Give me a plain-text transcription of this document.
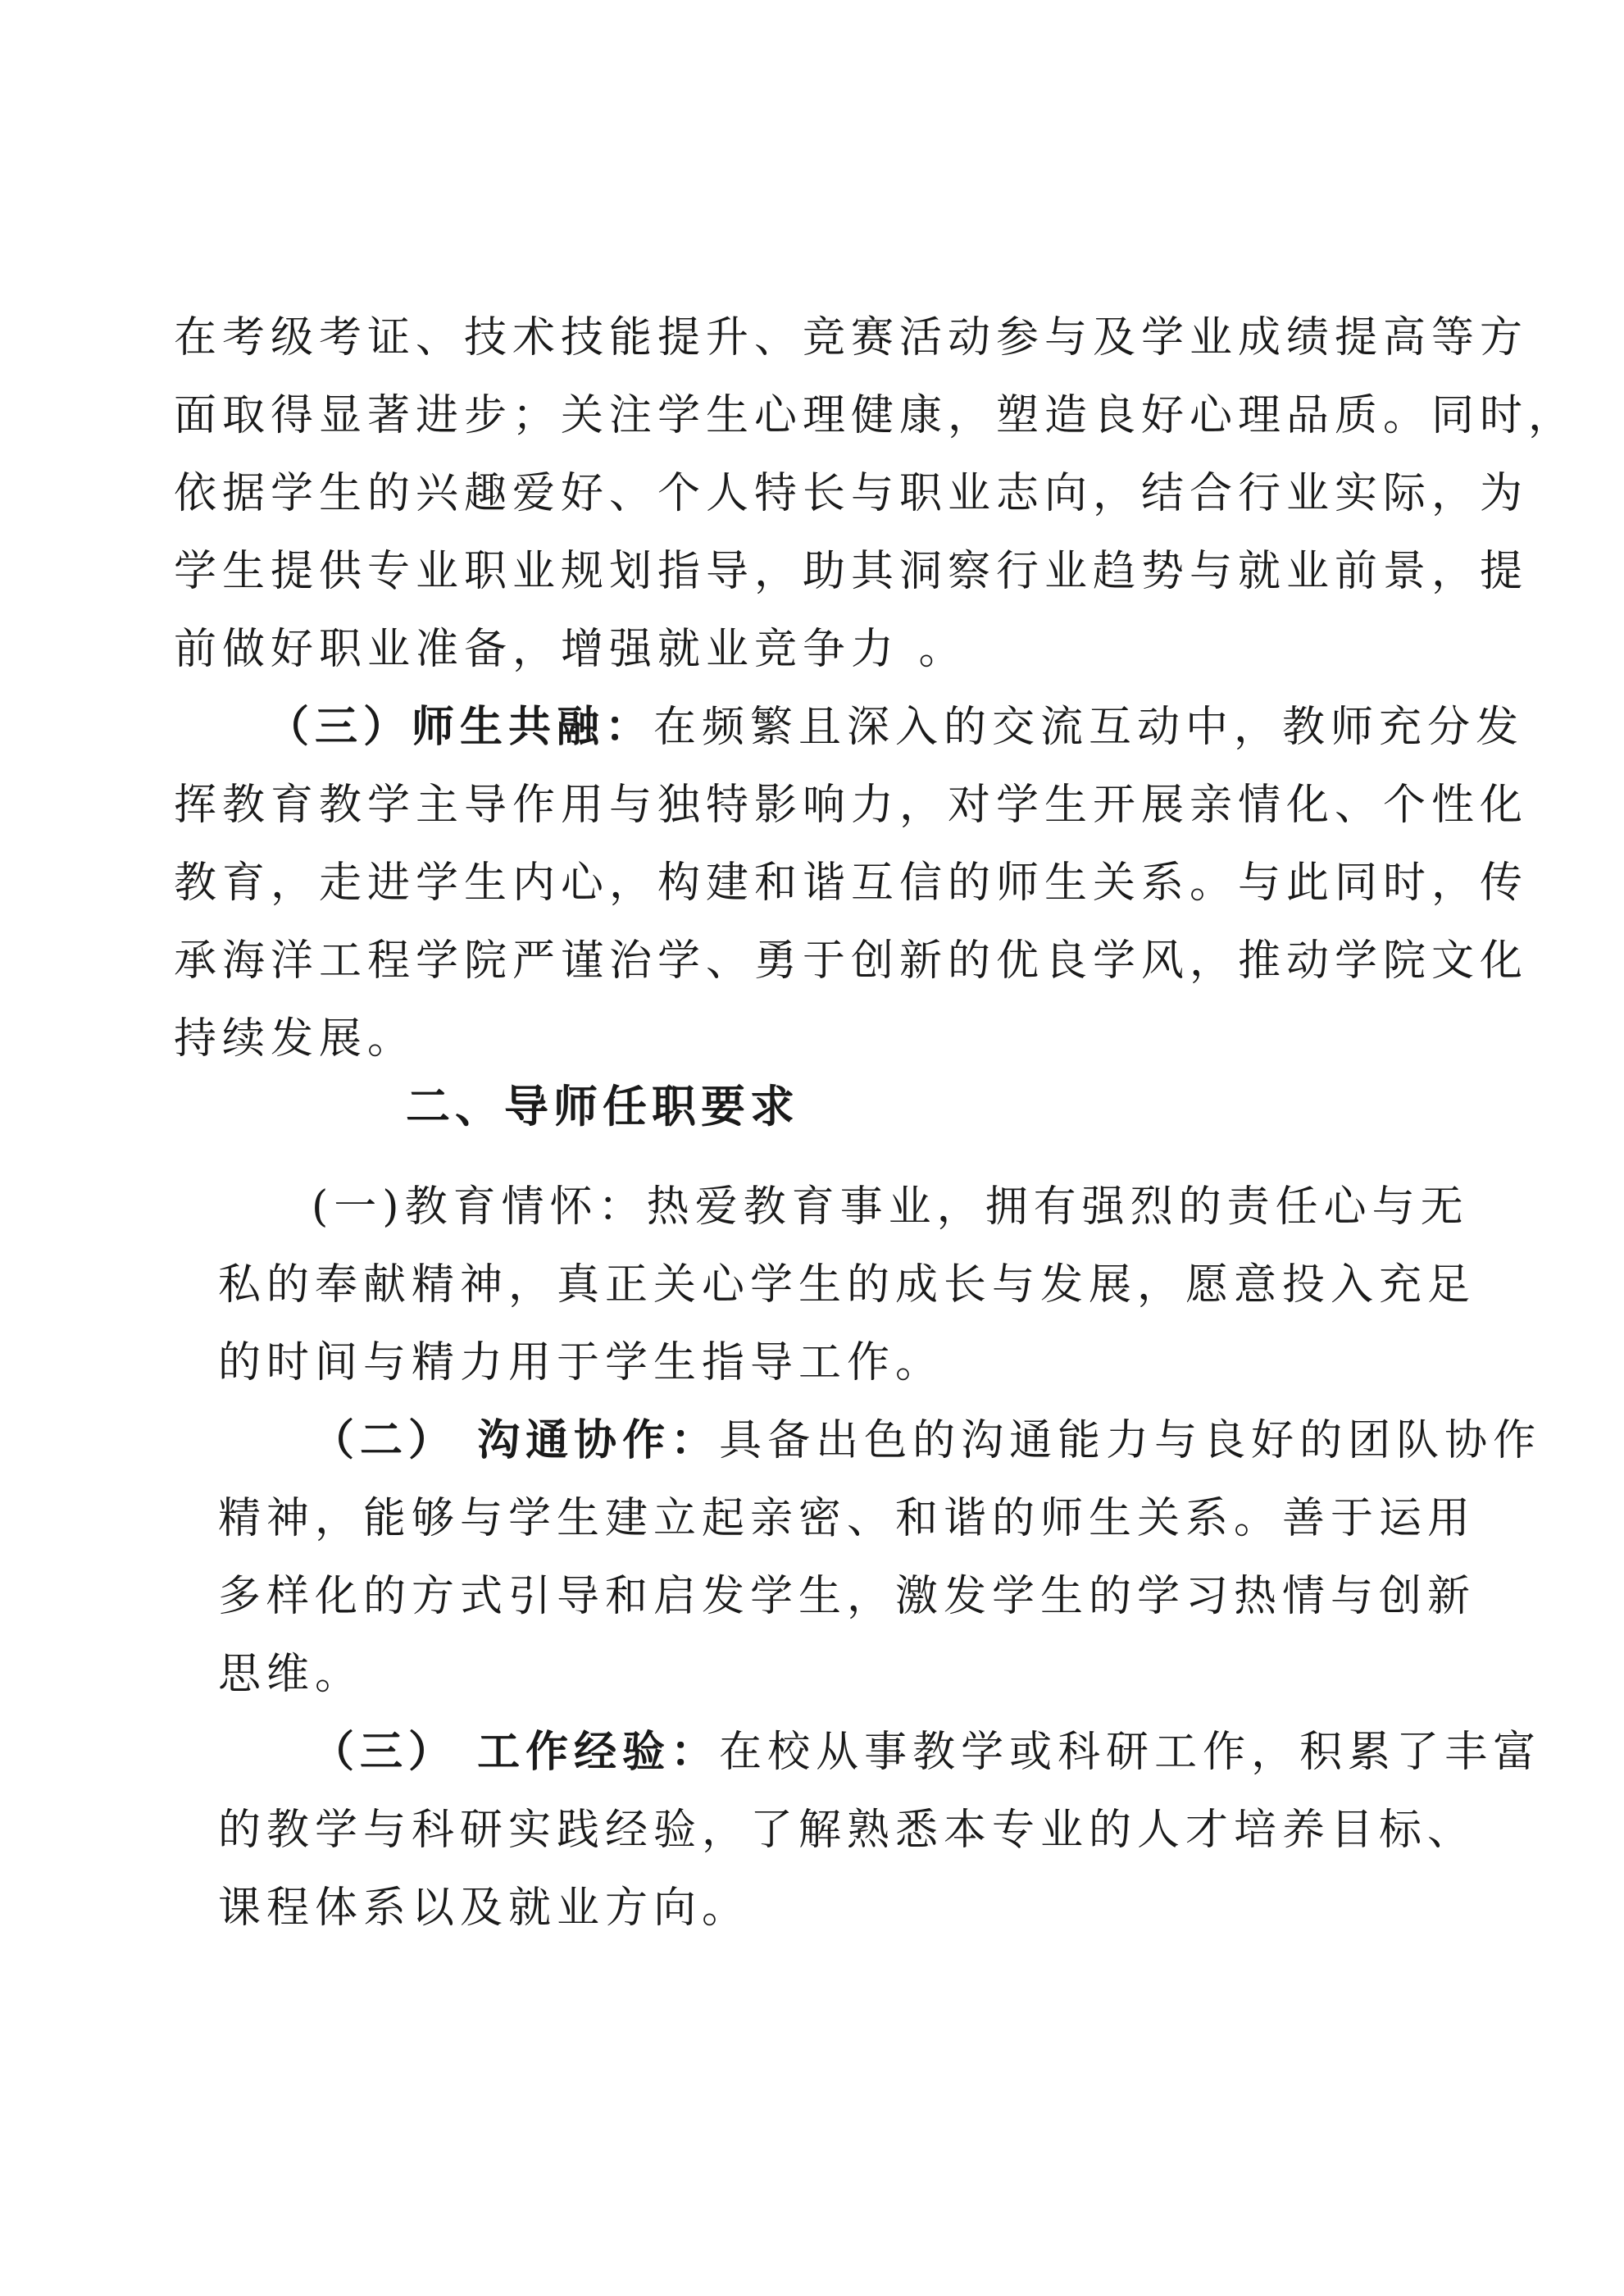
在考级考证、技术技能提升、竞赛活动参与及学业成绩提高等方
面取得显著进步；关注学生心理健康，塑造良好心理品质。同时，
依据学生的兴趣爱好、个人特长与职业志向，结合行业实际，为
学生提供专业职业规划指导，助其洞察行业趋势与就业前景，提
前做好职业准备，增强就业竞争力 。
（三）师生共融：在频繁且深入的交流互动中，教师充分发
挥教育教学主导作用与独特影响力，对学生开展亲情化、个性化
教育，走进学生内心，构建和谐互信的师生关系。与此同时，传
承海洋工程学院严谨治学、勇于创新的优良学风，推动学院文化
持续发展。
二、导师任职要求
(一)教育情怀：热爱教育事业，拥有强烈的责任心与无
私的奉献精神，真正关心学生的成长与发展，愿意投入充足
的时间与精力用于学生指导工作。
（二） 沟通协作：具备出色的沟通能力与良好的团队协作
精神，能够与学生建立起亲密、和谐的师生关系。善于运用
多样化的方式引导和启发学生，激发学生的学习热情与创新
思维。
（三） 工作经验：在校从事教学或科研工作，积累了丰富
的教学与科研实践经验，了解熟悉本专业的人才培养目标、
课程体系以及就业方向。
